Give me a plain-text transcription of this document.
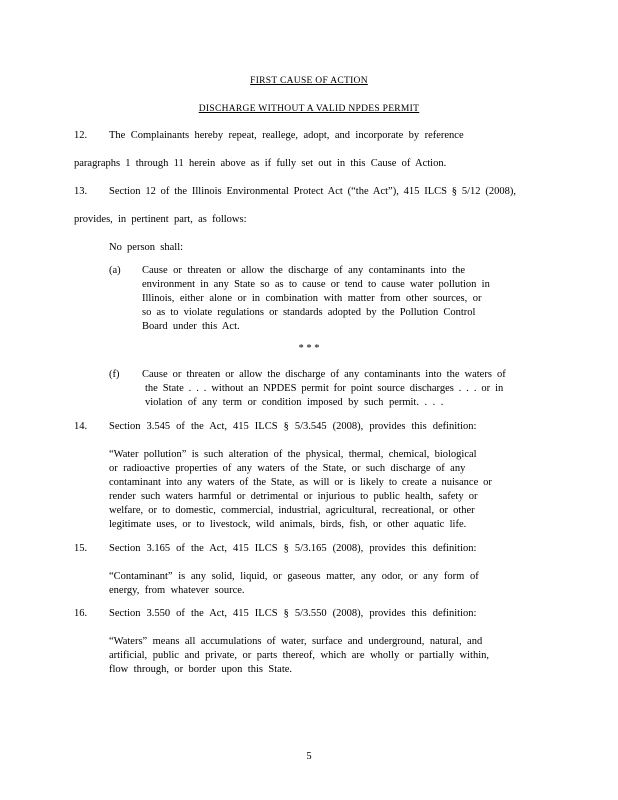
FIRST CAUSE OF ACTION
DISCHARGE WITHOUT A VALID NPDES PERMIT
12. The Complainants hereby repeat, reallege, adopt, and incorporate by reference
paragraphs 1 through 11 herein above as if fully set out in this Cause of Action.
13. Section 12 of the Illinois Environmental Protect Act (“the Act”), 415 ILCS § 5/12 (2008),
provides, in pertinent part, as follows:
No person shall:
(a) Cause or threaten or allow the discharge of any contaminants into the
environment in any State so as to cause or tend to cause water pollution in
Illinois, either alone or in combination with matter from other sources, or
so as to violate regulations or standards adopted by the Pollution Control
Board under this Act.
* * *
(f) Cause or threaten or allow the discharge of any contaminants into the waters of
the State . . . without an NPDES permit for point source discharges . . . or in
violation of any term or condition imposed by such permit. . . .
14. Section 3.545 of the Act, 415 ILCS § 5/3.545 (2008), provides this definition:
“Water pollution” is such alteration of the physical, thermal, chemical, biological
or radioactive properties of any waters of the State, or such discharge of any
contaminant into any waters of the State, as will or is likely to create a nuisance or
render such waters harmful or detrimental or injurious to public health, safety or
welfare, or to domestic, commercial, industrial, agricultural, recreational, or other
legitimate uses, or to livestock, wild animals, birds, fish, or other aquatic life.
15. Section 3.165 of the Act, 415 ILCS § 5/3.165 (2008), provides this definition:
“Contaminant” is any solid, liquid, or gaseous matter, any odor, or any form of
energy, from whatever source.
16. Section 3.550 of the Act, 415 ILCS § 5/3.550 (2008), provides this definition:
“Waters” means all accumulations of water, surface and underground, natural, and
artificial, public and private, or parts thereof, which are wholly or partially within,
flow through, or border upon this State.
5
